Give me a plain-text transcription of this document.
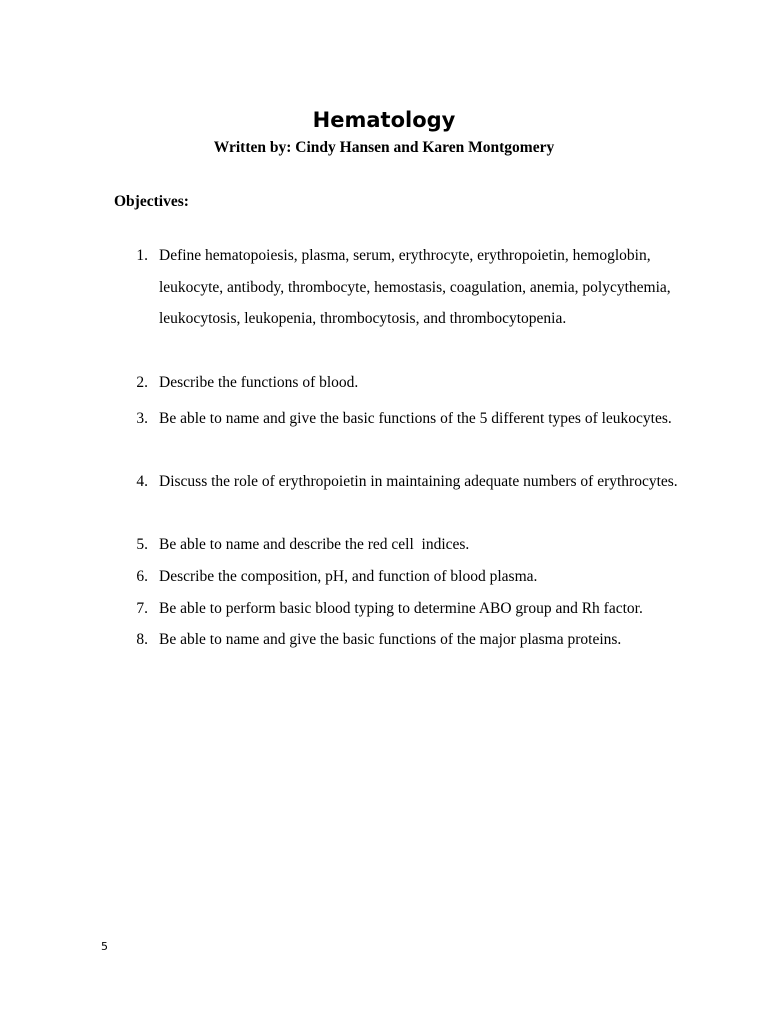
Hematology
Written by: Cindy Hansen and Karen Montgomery
Objectives:
1. Define hematopoiesis, plasma, serum, erythrocyte, erythropoietin, hemoglobin, leukocyte, antibody, thrombocyte, hemostasis, coagulation, anemia, polycythemia, leukocytosis, leukopenia, thrombocytosis, and thrombocytopenia.
2. Describe the functions of blood.
3. Be able to name and give the basic functions of the 5 different types of leukocytes.
4. Discuss the role of erythropoietin in maintaining adequate numbers of erythrocytes.
5. Be able to name and describe the red cell  indices.
6. Describe the composition, pH, and function of blood plasma.
7. Be able to perform basic blood typing to determine ABO group and Rh factor.
8. Be able to name and give the basic functions of the major plasma proteins.
5
